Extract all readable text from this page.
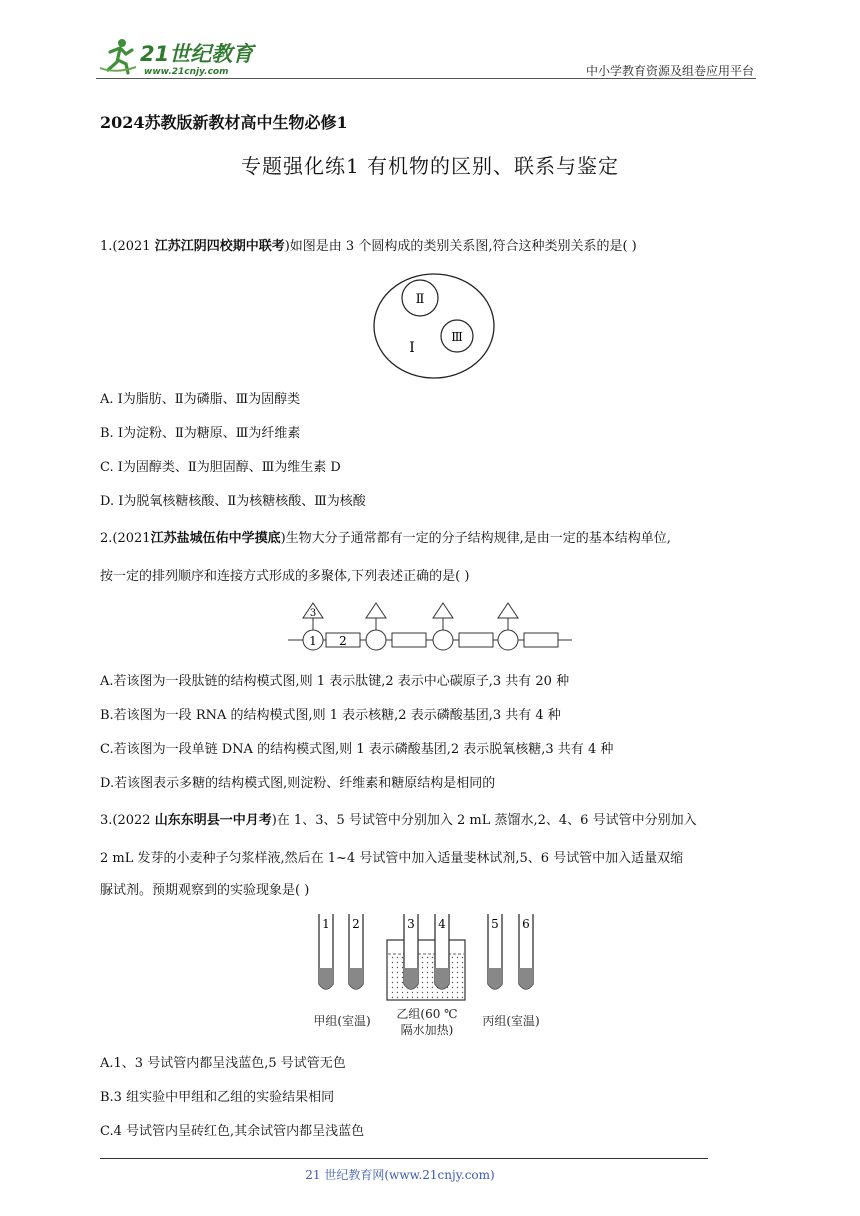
21世纪教育
www.21cnjy.com	中小学教育资源及组卷应用平台
2024苏教版新教材高中生物必修1
专题强化练1 有机物的区别、联系与鉴定
1.(2021 江苏江阴四校期中联考)如图是由 3 个圆构成的类别关系图,符合这种类别关系的是( )
Ⅱ
Ⅲ
Ⅰ
A. Ⅰ为脂肪、Ⅱ为磷脂、Ⅲ为固醇类
B. Ⅰ为淀粉、Ⅱ为糖原、Ⅲ为纤维素
C. Ⅰ为固醇类、Ⅱ为胆固醇、Ⅲ为维生素 D
D. Ⅰ为脱氧核糖核酸、Ⅱ为核糖核酸、Ⅲ为核酸
2.(2021江苏盐城伍佑中学摸底)生物大分子通常都有一定的分子结构规律,是由一定的基本结构单位,
按一定的排列顺序和连接方式形成的多聚体,下列表述正确的是( )
3
1 2
A.若该图为一段肽链的结构模式图,则 1 表示肽键,2 表示中心碳原子,3 共有 20 种
B.若该图为一段 RNA 的结构模式图,则 1 表示核糖,2 表示磷酸基团,3 共有 4 种
C.若该图为一段单链 DNA 的结构模式图,则 1 表示磷酸基团,2 表示脱氧核糖,3 共有 4 种
D.若该图表示多糖的结构模式图,则淀粉、纤维素和糖原结构是相同的
3.(2022 山东东明县一中月考)在 1、3、5 号试管中分别加入 2 mL 蒸馏水,2、4、6 号试管中分别加入
2 mL 发芽的小麦种子匀浆样液,然后在 1~4 号试管中加入适量斐林试剂,5、6 号试管中加入适量双缩
脲试剂。预期观察到的实验现象是( )
1 2	3 4	5 6
甲组(室温) 乙组(60 ℃
隔水加热)
丙组(室温)
A.1、3 号试管内都呈浅蓝色,5 号试管无色
B.3 组实验中甲组和乙组的实验结果相同
C.4 号试管内呈砖红色,其余试管内都呈浅蓝色
21 世纪教育网(www.21cnjy.com)
